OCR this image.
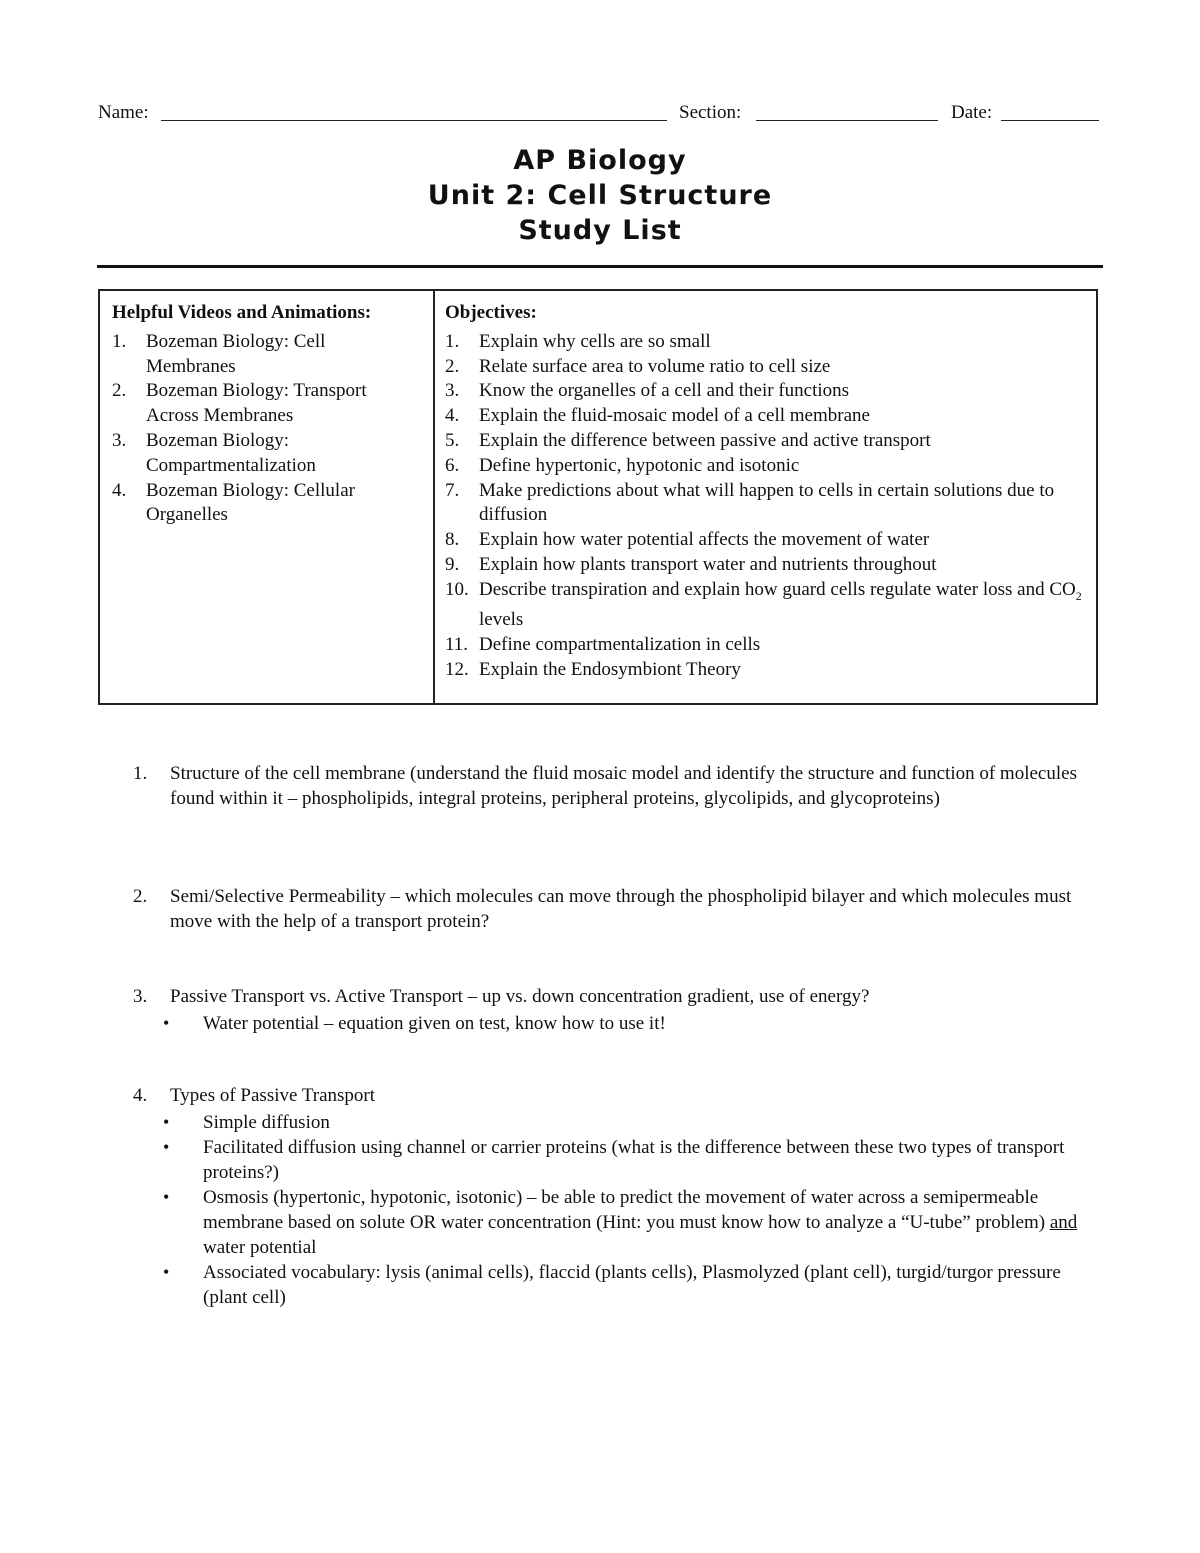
Name:	Section:	Date:
AP Biology
Unit 2: Cell Structure
Study List
Helpful Videos and Animations:
1. Bozeman Biology: Cell Membranes
2. Bozeman Biology: Transport Across Membranes
3. Bozeman Biology: Compartmentalization
4. Bozeman Biology: Cellular Organelles
Objectives:
1. Explain why cells are so small
2. Relate surface area to volume ratio to cell size
3. Know the organelles of a cell and their functions
4. Explain the fluid-mosaic model of a cell membrane
5. Explain the difference between passive and active transport
6. Define hypertonic, hypotonic and isotonic
7. Make predictions about what will happen to cells in certain solutions due to diffusion
8. Explain how water potential affects the movement of water
9. Explain how plants transport water and nutrients throughout
10. Describe transpiration and explain how guard cells regulate water loss and $CO_2$ levels
11. Define compartmentalization in cells
12. Explain the Endosymbiont Theory
1. Structure of the cell membrane (understand the fluid mosaic model and identify the structure and function of molecules found within it – phospholipids, integral proteins, peripheral proteins, glycolipids, and glycoproteins)
2. Semi/Selective Permeability – which molecules can move through the phospholipid bilayer and which molecules must move with the help of a transport protein?
3. Passive Transport vs. Active Transport – up vs. down concentration gradient, use of energy?
• Water potential – equation given on test, know how to use it!
4. Types of Passive Transport
• Simple diffusion
• Facilitated diffusion using channel or carrier proteins (what is the difference between these two types of transport proteins?)
• Osmosis (hypertonic, hypotonic, isotonic) – be able to predict the movement of water across a semipermeable membrane based on solute OR water concentration (Hint: you must know how to analyze a “U-tube” problem) and water potential
• Associated vocabulary: lysis (animal cells), flaccid (plants cells), Plasmolyzed (plant cell), turgid/turgor pressure (plant cell)
